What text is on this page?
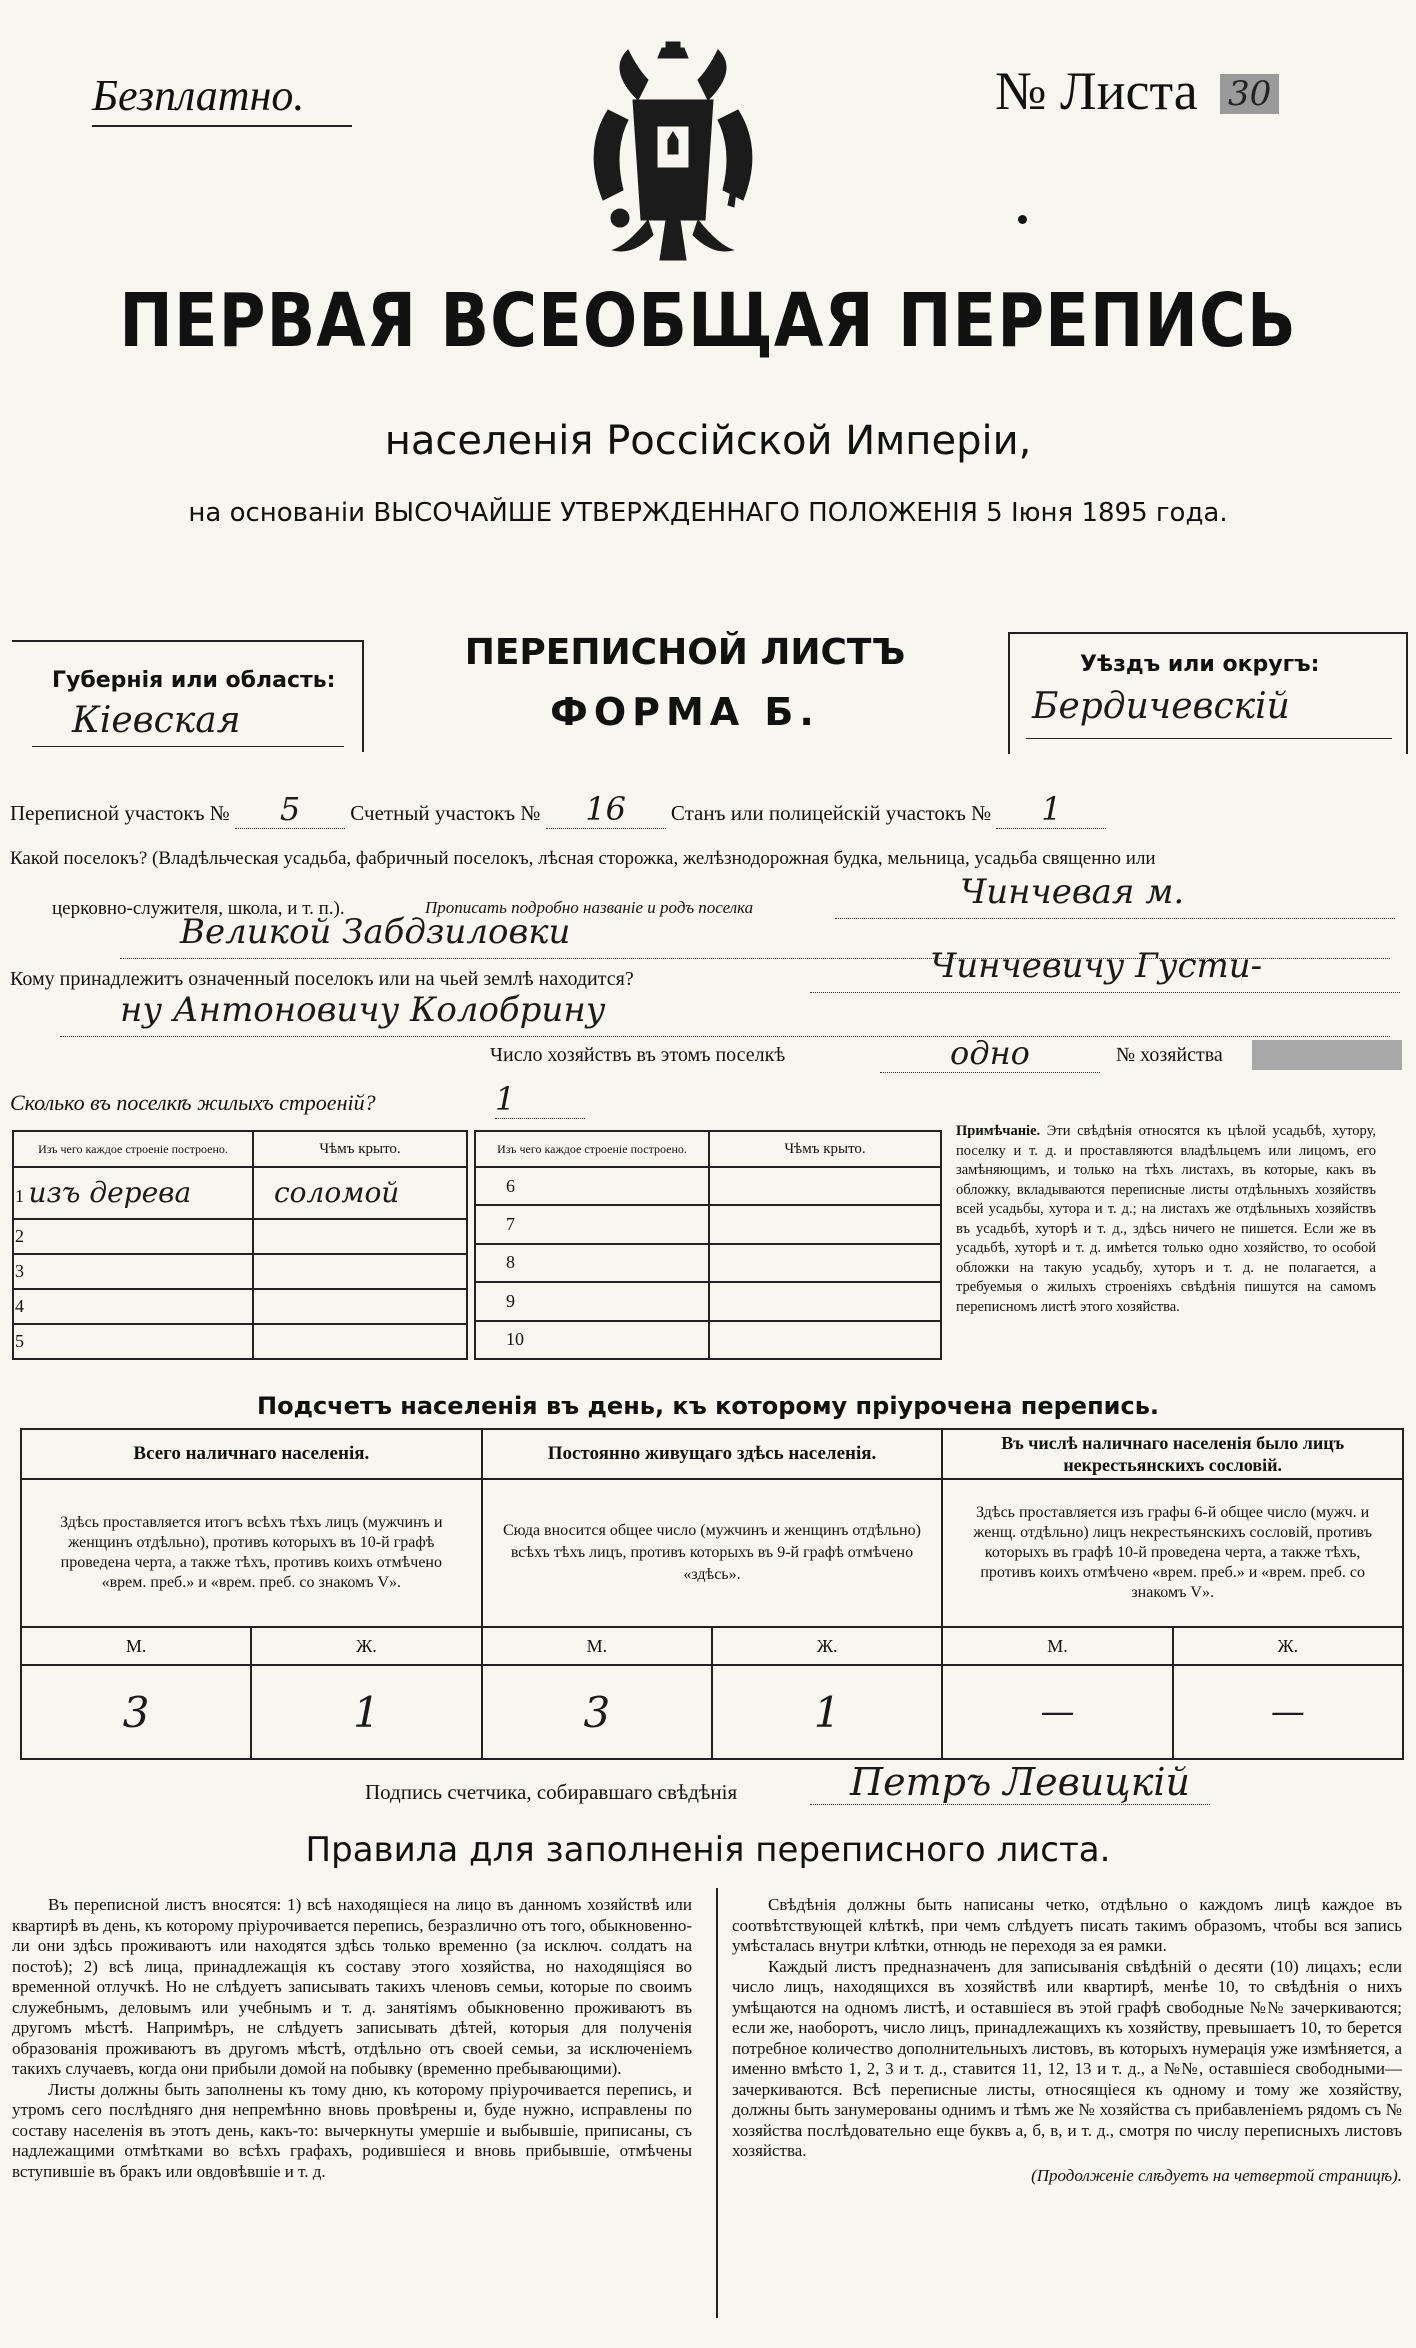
Безплатно.	№ Листа 30
ПЕРВАЯ ВСЕОБЩАЯ ПЕРЕПИСЬ
населенія Россійской Имперіи,
на основаніи ВЫСОЧАЙШЕ УТВЕРЖДЕННАГО ПОЛОЖЕНІЯ 5 Іюня 1895 года.
Губернія или область:
Кіевская
ПЕРЕПИСНОЙ ЛИСТЪ
ФОРМА Б.
Уѣздъ или округъ:
Бердичевскій
Переписной участокъ № 5 Счетный участокъ № 16 Станъ или полицейскій участокъ № 1
Какой поселокъ? (Владѣльческая усадьба, фабричный поселокъ, лѣсная сторожка, желѣзнодорожная будка, мельница, усадьба священно или
церковно-служителя, школа, и т. п.).	Прописать подробно названіе и родъ поселка	Чинчевая м.
Великой Забдзиловки
Кому принадлежитъ означенный поселокъ или на чьей землѣ находится?	Чинчевичу Густи-
ну Антоновичу Колобрину
Число хозяйствъ въ этомъ поселкѣ	одно	№ хозяйства
Сколько въ поселкѣ жилыхъ строеній?	1
Изъ чего каждое строеніе построено.	Чѣмъ крыто.
1 изъ дерева	соломой
2	
3	
4	
5	
Изъ чего каждое строеніе построено.	Чѣмъ крыто.
6	
7	
8	
9	
10	
Примѣчаніе. Эти свѣдѣнія относятся къ цѣлой усадьбѣ, хутору, поселку и т. д. и проставляются владѣльцемъ или лицомъ, его замѣняющимъ, и только на тѣхъ листахъ, въ которые, какъ въ обложку, вкладываются переписные листы отдѣльныхъ хозяйствъ всей усадьбы, хутора и т. д.; на листахъ же отдѣльныхъ хозяйствъ въ усадьбѣ, хуторѣ и т. д., здѣсь ничего не пишется. Если же въ усадьбѣ, хуторѣ и т. д. имѣется только одно хозяйство, то особой обложки на такую усадьбу, хуторъ и т. д. не полагается, а требуемыя о жилыхъ строеніяхъ свѣдѣнія пишутся на самомъ переписномъ листѣ этого хозяйства.
Подсчетъ населенія въ день, къ которому пріурочена перепись.
Всего наличнаго населенія.		Постоянно живущаго здѣсь населенія.		Въ числѣ наличнаго населенія было лицъ некрестьянскихъ сословій.	
Здѣсь проставляется итогъ всѣхъ тѣхъ лицъ (мужчинъ и женщинъ отдѣльно), противъ которыхъ въ 10-й графѣ проведена черта, а также тѣхъ, противъ коихъ отмѣчено «врем. преб.» и «врем. преб. со знакомъ V».		Сюда вносится общее число (мужчинъ и женщинъ отдѣльно) всѣхъ тѣхъ лицъ, противъ которыхъ въ 9-й графѣ отмѣчено «здѣсь».		Здѣсь проставляется изъ графы 6-й общее число (мужч. и женщ. отдѣльно) лицъ некрестьянскихъ сословій, противъ которыхъ въ графѣ 10-й проведена черта, а также тѣхъ, противъ коихъ отмѣчено «врем. преб.» и «врем. преб. со знакомъ V».	
М.	Ж.	М.	Ж.	М.	Ж.
3	1	3	1	—	—
Подпись счетчика, собиравшаго свѣдѣнія	Петръ Левицкій
Правила для заполненія переписного листа.

Въ переписной листъ вносятся: 1) всѣ находящіеся на лицо въ данномъ хозяйствѣ или квартирѣ въ день, къ которому пріурочивается перепись, безразлично отъ того, обыкновенно-ли они здѣсь проживаютъ или находятся здѣсь только временно (за исключ. солдатъ на постоѣ); 2) всѣ лица, принадлежащія къ составу этого хозяйства, но находящіяся во временной отлучкѣ. Но не слѣдуетъ записывать такихъ членовъ семьи, которые по своимъ служебнымъ, деловымъ или учебнымъ и т. д. занятіямъ обыкновенно проживаютъ въ другомъ мѣстѣ. Напримѣръ, не слѣдуетъ записывать дѣтей, которыя для полученія образованія проживаютъ въ другомъ мѣстѣ, отдѣльно отъ своей семьи, за исключеніемъ такихъ случаевъ, когда они прибыли домой на побывку (временно пребывающими).

Листы должны быть заполнены къ тому дню, къ которому пріурочивается перепись, и утромъ сего послѣдняго дня непремѣнно вновь провѣрены и, буде нужно, исправлены по составу населенія въ этотъ день, какъ-то: вычеркнуты умершіе и выбывшіе, приписаны, съ надлежащими отмѣтками во всѣхъ графахъ, родившіеся и вновь прибывшіе, отмѣчены вступившіе въ бракъ или овдовѣвшіе и т. д.

Свѣдѣнія должны быть написаны четко, отдѣльно о каждомъ лицѣ каждое въ соотвѣтствующей клѣткѣ, при чемъ слѣдуетъ писать такимъ образомъ, чтобы вся запись умѣсталась внутри клѣтки, отнюдь не переходя за ея рамки.

Каждый листъ предназначенъ для записыванія свѣдѣній о десяти (10) лицахъ; если число лицъ, находящихся въ хозяйствѣ или квартирѣ, менѣе 10, то свѣдѣнія о нихъ умѣщаются на одномъ листѣ, и оставшіеся въ этой графѣ свободные №№ зачеркиваются; если же, наоборотъ, число лицъ, принадлежащихъ къ хозяйству, превышаетъ 10, то берется потребное количество дополнительныхъ листовъ, въ которыхъ нумерація уже измѣняется, а именно вмѣсто 1, 2, 3 и т. д., ставится 11, 12, 13 и т. д., а №№, оставшіеся свободными—зачеркиваются. Всѣ переписные листы, относящіеся къ одному и тому же хозяйству, должны быть занумерованы однимъ и тѣмъ же № хозяйства съ прибавленіемъ рядомъ съ № хозяйства послѣдовательно еще буквъ а, б, в, и т. д., смотря по числу переписныхъ листовъ хозяйства.

(Продолженіе слѣдуетъ на четвертой страницѣ).
